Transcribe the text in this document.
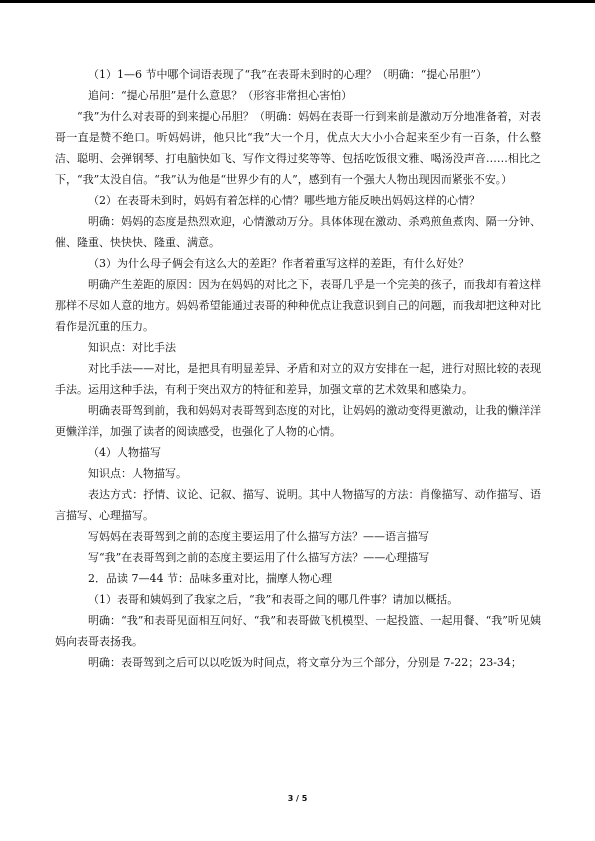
（1）1—6 节中哪个词语表现了“我”在表哥未到时的心理？（明确：“提心吊胆”）

追问：“提心吊胆”是什么意思？（形容非常担心害怕）

“我”为什么对表哥的到来提心吊胆？（明确：妈妈在表哥一行到来前是激动万分地准备着，对表哥一直是赞不绝口。听妈妈讲，他只比“我”大一个月，优点大大小小合起来至少有一百条，什么整洁、聪明、会弹钢琴、打电脑快如飞、写作文得过奖等等、包括吃饭很文雅、喝汤没声音……相比之下，“我”太没自信。“我”认为他是“世界少有的人”，感到有一个强大人物出现因而紧张不安。）

（2）在表哥未到时，妈妈有着怎样的心情？哪些地方能反映出妈妈这样的心情？

明确：妈妈的态度是热烈欢迎，心情激动万分。具体体现在激动、杀鸡煎鱼煮肉、隔一分钟、催、隆重、快快快、隆重、满意。

（3）为什么母子俩会有这么大的差距？作者着重写这样的差距，有什么好处？

明确产生差距的原因：因为在妈妈的对比之下，表哥几乎是一个完美的孩子，而我却有着这样那样不尽如人意的地方。妈妈希望能通过表哥的种种优点让我意识到自己的问题，而我却把这种对比看作是沉重的压力。

知识点：对比手法

对比手法——对比，是把具有明显差异、矛盾和对立的双方安排在一起，进行对照比较的表现手法。运用这种手法，有利于突出双方的特征和差异，加强文章的艺术效果和感染力。

明确表哥驾到前，我和妈妈对表哥驾到态度的对比，让妈妈的激动变得更激动，让我的懒洋洋更懒洋洋，加强了读者的阅读感受，也强化了人物的心情。

（4）人物描写

知识点：人物描写。

表达方式：抒情、议论、记叙、描写、说明。其中人物描写的方法：肖像描写、动作描写、语言描写、心理描写。

写妈妈在表哥驾到之前的态度主要运用了什么描写方法？——语言描写

写“我”在表哥驾到之前的态度主要运用了什么描写方法？——心理描写

2．品读 7—44 节：品味多重对比，揣摩人物心理

（1）表哥和姨妈到了我家之后，“我”和表哥之间的哪几件事？请加以概括。

明确：“我”和表哥见面相互问好、“我”和表哥做飞机模型、一起投篮、一起用餐、“我”听见姨妈向表哥表扬我。

明确：表哥驾到之后可以以吃饭为时间点，将文章分为三个部分，分别是 7-22；23-34；

3 / 5
